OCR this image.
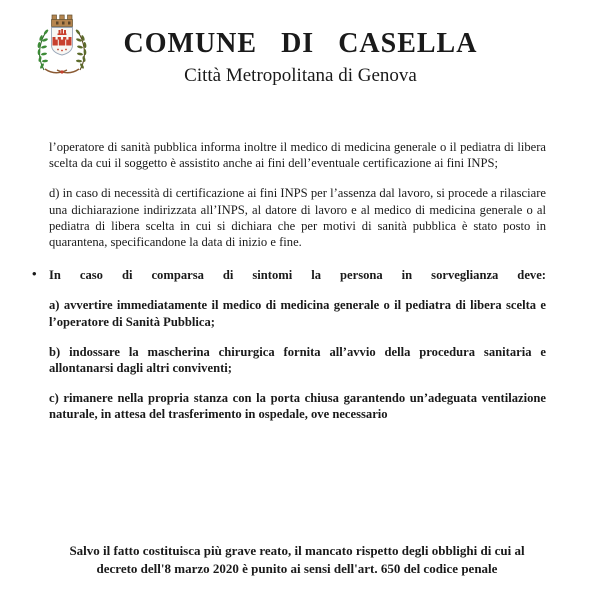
COMUNE DI CASELLA
Città Metropolitana di Genova

l’operatore di sanità pubblica informa inoltre il medico di medicina generale o il pediatra di libera scelta da cui il soggetto è assistito anche ai fini dell’eventuale certificazione ai fini INPS;

d) in caso di necessità di certificazione ai fini INPS per l’assenza dal lavoro, si procede a rilasciare una dichiarazione indirizzata all’INPS, al datore di lavoro e al medico di medicina generale o al pediatra di libera scelta in cui si dichiara che per motivi di sanità pubblica è stato posto in quarantena, specificandone la data di inizio e fine.

• In caso di comparsa di sintomi la persona in sorveglianza deve:

a) avvertire immediatamente il medico di medicina generale o il pediatra di libera scelta e l’operatore di Sanità Pubblica;

b) indossare la mascherina chirurgica fornita all’avvio della procedura sanitaria e allontanarsi dagli altri conviventi;

c) rimanere nella propria stanza con la porta chiusa garantendo un’adeguata ventilazione naturale, in attesa del trasferimento in ospedale, ove necessario

Salvo il fatto costituisca più grave reato, il mancato rispetto degli obblighi di cui al
decreto dell'8 marzo 2020 è punito ai sensi dell'art. 650 del codice penale
